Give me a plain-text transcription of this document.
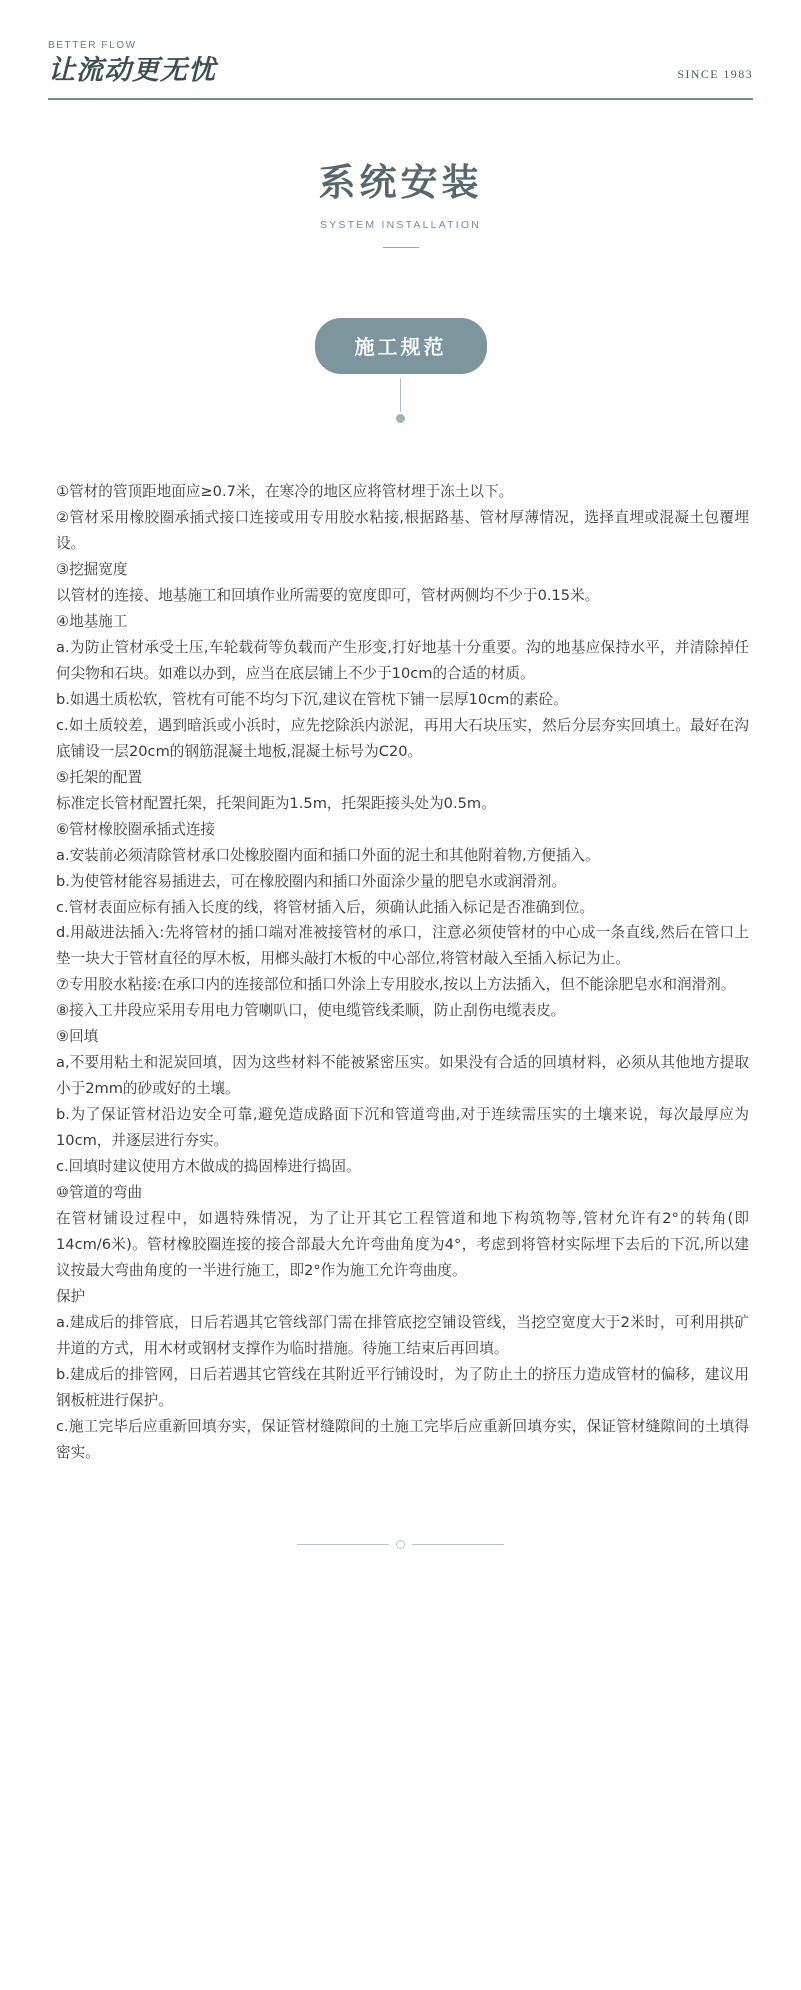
BETTER FLOW
让流动更无忧	SINCE 1983
系统安装
SYSTEM INSTALLATION
施工规范

①管材的管顶距地面应≥0.7米，在寒冷的地区应将管材埋于冻土以下。

②管材采用橡胶圈承插式接口连接或用专用胶水粘接,根据路基、管材厚薄情况，选择直埋或混凝土包覆埋设。

③挖掘宽度

以管材的连接、地基施工和回填作业所需要的宽度即可，管材两侧均不少于0.15米。

④地基施工

a.为防止管材承受土压,车轮载荷等负载而产生形变,打好地基十分重要。沟的地基应保持水平，并清除掉任何尖物和石块。如难以办到，应当在底层铺上不少于10cm的合适的材质。

b.如遇土质松软，管枕有可能不均匀下沉,建议在管枕下铺一层厚10cm的素砼。

c.如土质较差，遇到暗浜或小浜时，应先挖除浜内淤泥，再用大石块压实，然后分层夯实回填土。最好在沟底铺设一层20cm的钢筋混凝土地板,混凝土标号为C20。

⑤托架的配置

标准定长管材配置托架，托架间距为1.5m，托架距接头处为0.5m。

⑥管材橡胶圈承插式连接

a.安装前必须清除管材承口处橡胶圈内面和插口外面的泥土和其他附着物,方便插入。

b.为使管材能容易插进去，可在橡胶圈内和插口外面涂少量的肥皂水或润滑剂。

c.管材表面应标有插入长度的线，将管材插入后，须确认此插入标记是否准确到位。

d.用敲进法插入:先将管材的插口端对准被接管材的承口，注意必须使管材的中心成一条直线,然后在管口上垫一块大于管材直径的厚木板，用榔头敲打木板的中心部位,将管材敲入至插入标记为止。

⑦专用胶水粘接:在承口内的连接部位和插口外涂上专用胶水,按以上方法插入，但不能涂肥皂水和润滑剂。

⑧接入工井段应采用专用电力管喇叭口，使电缆管线柔顺，防止刮伤电缆表皮。

⑨回填

a,不要用粘土和泥炭回填，因为这些材料不能被紧密压实。如果没有合适的回填材料，必须从其他地方提取小于2mm的砂或好的土壤。

b.为了保证管材沿边安全可靠,避免造成路面下沉和管道弯曲,对于连续需压实的土壤来说，每次最厚应为10cm，并逐层进行夯实。

c.回填时建议使用方木做成的捣固棒进行捣固。

⑩管道的弯曲

在管材铺设过程中，如遇特殊情况，为了让开其它工程管道和地下构筑物等,管材允许有2°的转角(即14cm/6米)。管材橡胶圈连接的接合部最大允许弯曲角度为4°，考虑到将管材实际埋下去后的下沉,所以建议按最大弯曲角度的一半进行施工，即2°作为施工允许弯曲度。

保护

a.建成后的排管底，日后若遇其它管线部门需在排管底挖空铺设管线，当挖空宽度大于2米时，可利用拱矿井道的方式，用木材或钢材支撑作为临时措施。待施工结束后再回填。

b.建成后的排管网，日后若遇其它管线在其附近平行铺设时，为了防止土的挤压力造成管材的偏移，建议用钢板桩进行保护。

c.施工完毕后应重新回填夯实，保证管材缝隙间的土施工完毕后应重新回填夯实，保证管材缝隙间的土填得密实。
